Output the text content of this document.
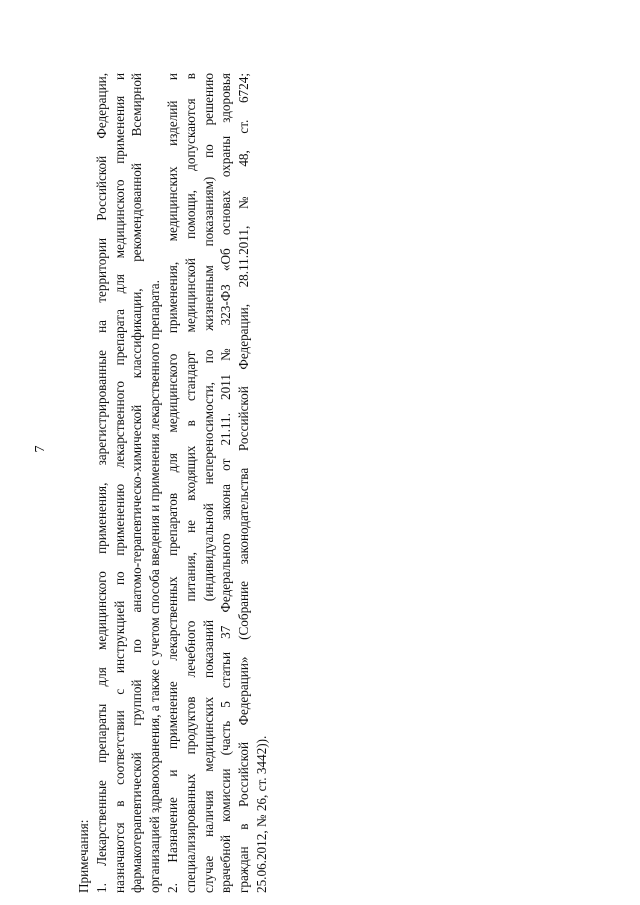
7
Примечания: 1. Лекарственные препараты для медицинского применения, зарегистрированные на территории Российской Федерации, назначаются в соответствии с инструкцией по применению лекарственного препарата для медицинского применения и фармакотерапевтической группой по анатомо-терапевтическо-химической классификации, рекомендованной Всемирной организацией здравоохранения, а также с учетом способа введения и применения лекарственного препарата. 2. Назначение и применение лекарственных препаратов для медицинского применения, медицинских изделий и специализированных продуктов лечебного питания, не входящих в стандарт медицинской помощи, допускаются в случае наличия медицинских показаний (индивидуальной непереносимости, по жизненным показаниям) по решению врачебной комиссии (часть 5 статьи 37 Федерального закона от 21.11. 2011 № 323-ФЗ «Об основах охраны здоровья граждан в Российской Федерации» (Собрание законодательства Российской Федерации, 28.11.2011, № 48, ст. 6724; 25.06.2012, № 26, ст. 3442)).
